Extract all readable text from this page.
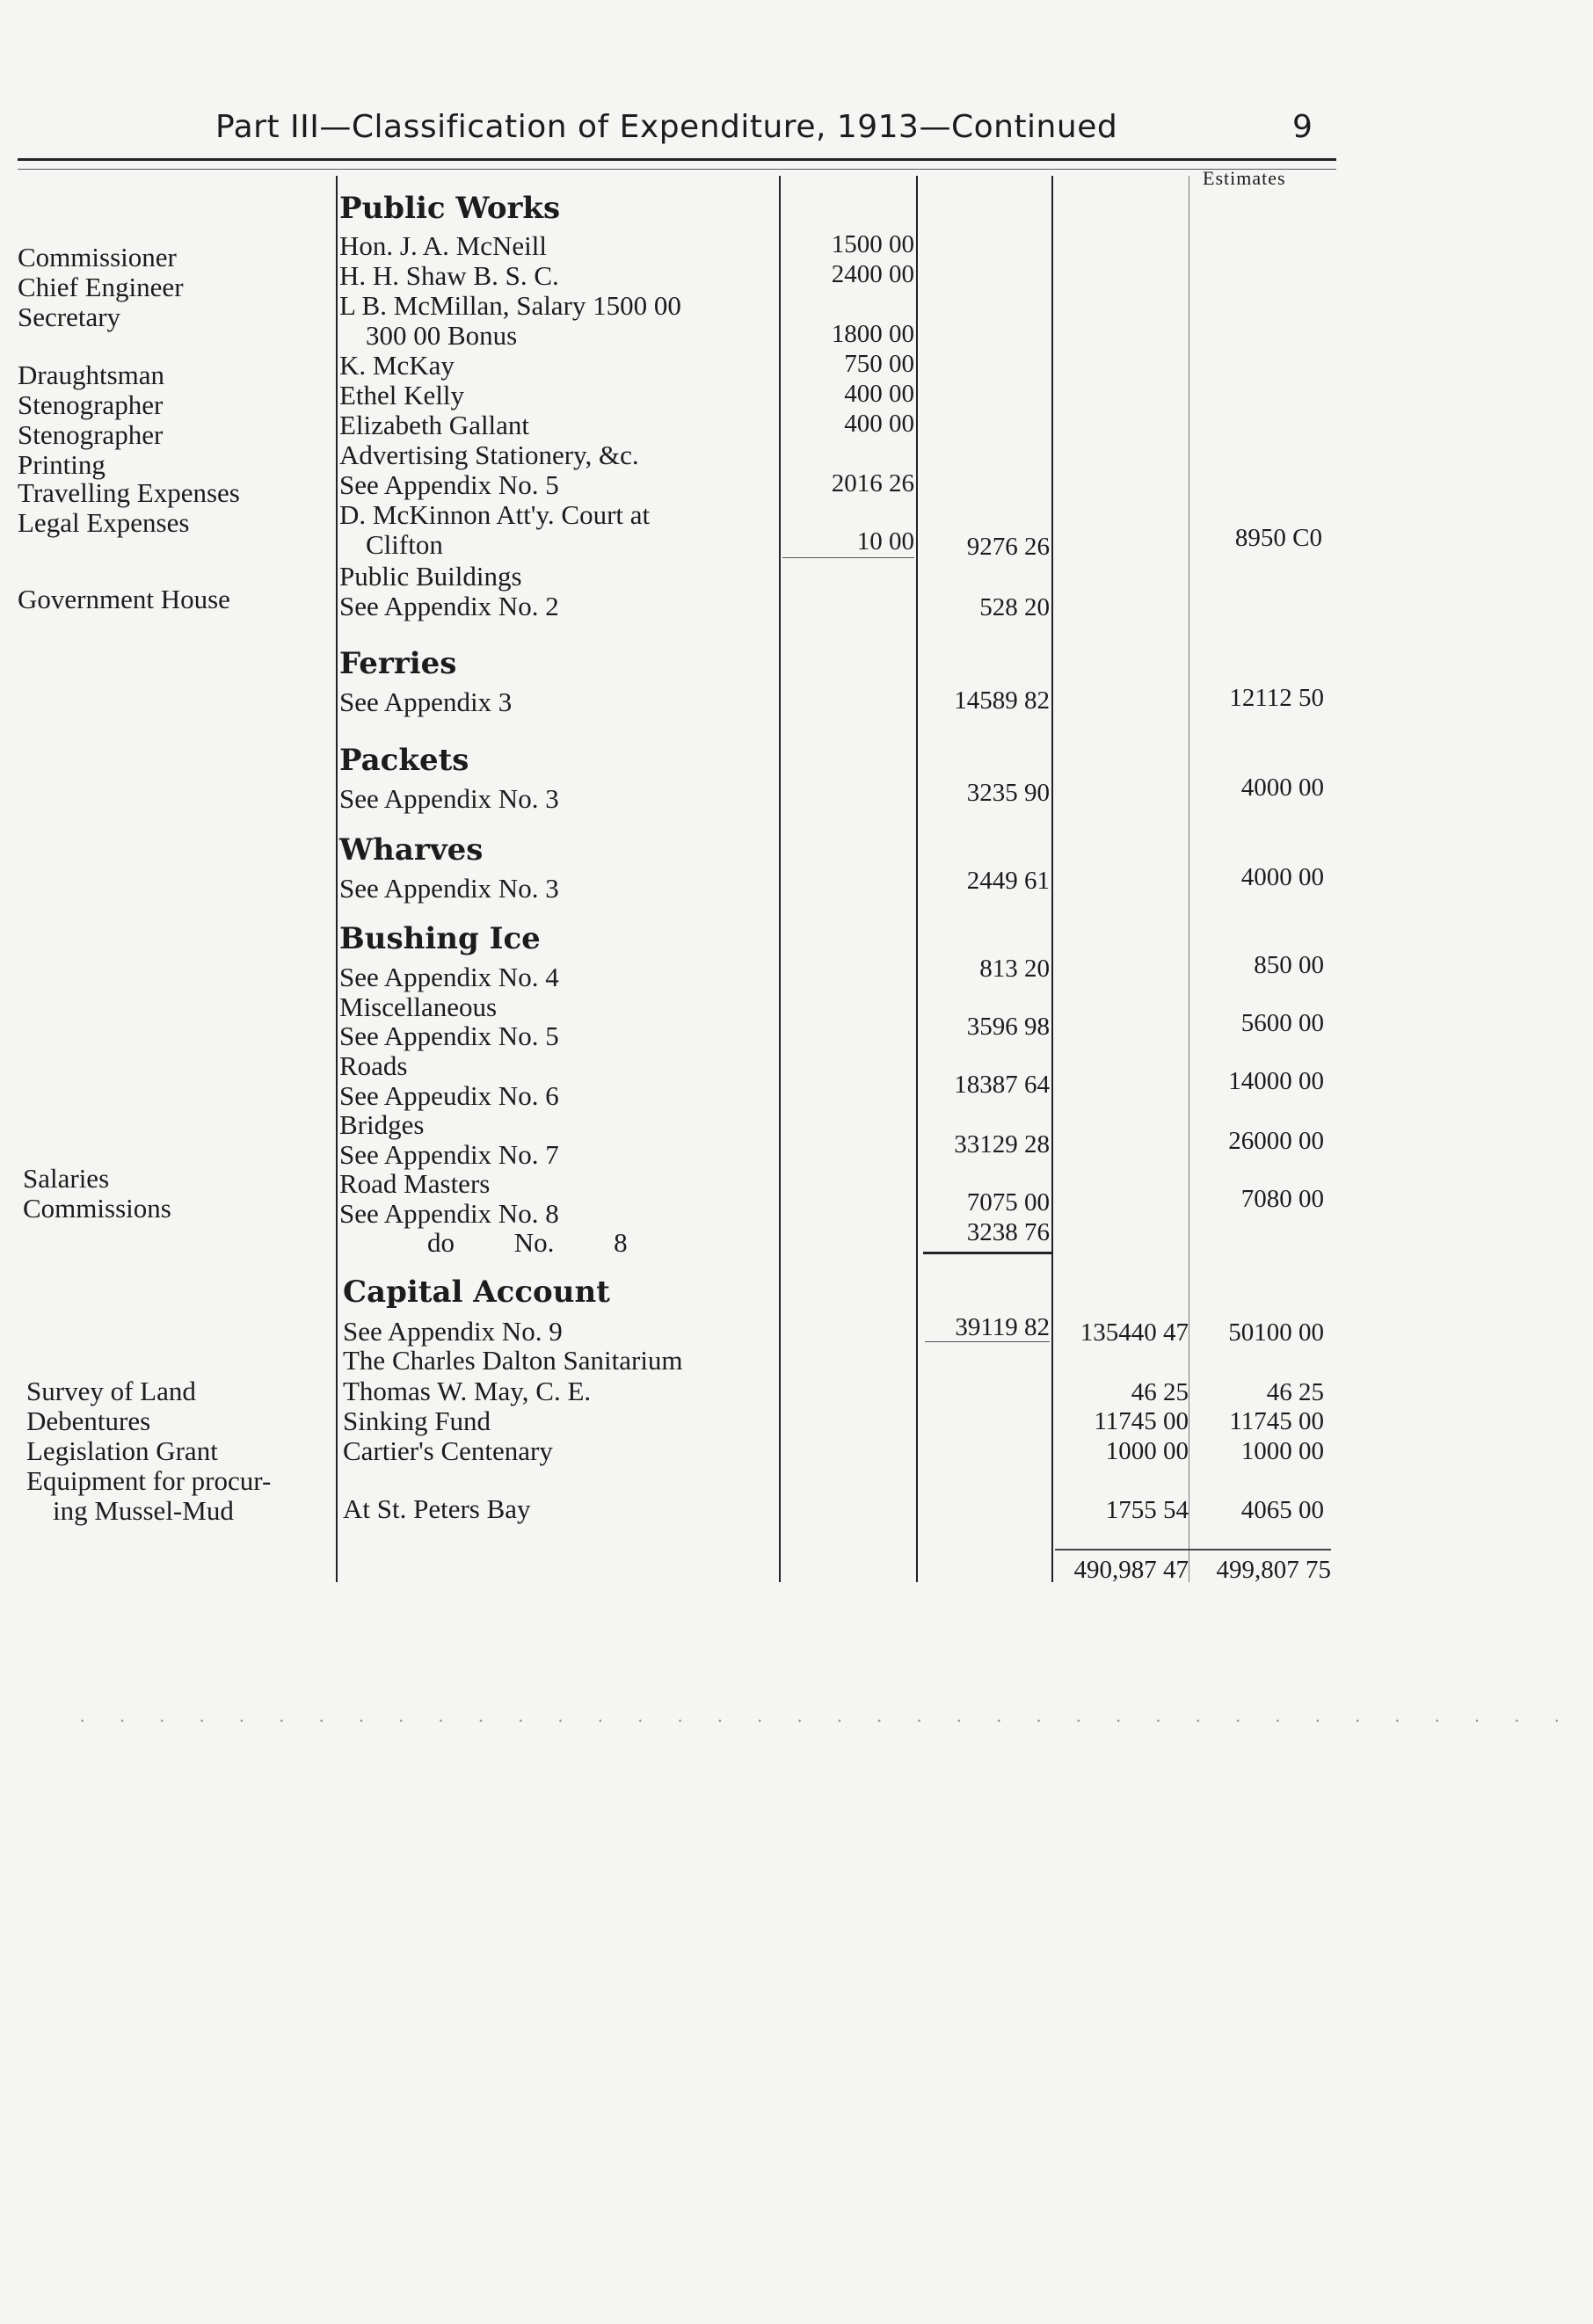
Part III—Classification of Expenditure, 1913—Continued	9
Estimates
Commissioner
Chief Engineer
Secretary
Draughtsman
Stenographer
Stenographer
Printing
Travelling Expenses
Legal Expenses
Government House
Salaries
Commissions
Survey of Land
Debentures
Legislation Grant
Equipment for procur-
ing Mussel-Mud
Public Works
Ferries
Packets
Wharves
Bushing Ice
Capital Account
Hon. J. A. McNeill
H. H. Shaw B. S. C.
L B. McMillan, Salary 1500 00
300 00 Bonus
K. McKay
Ethel Kelly
Elizabeth Gallant
Advertising Stationery, &c.
See Appendix No. 5
D. McKinnon Att'y. Court at
Clifton
Public Buildings
See Appendix No. 2
See Appendix 3
See Appendix No. 3
See Appendix No. 3
See Appendix No. 4
Miscellaneous
See Appendix No. 5
Roads
See Appeudix No. 6
Bridges
See Appendix No. 7
Road Masters
See Appendix No. 8
do No. 8
See Appendix No. 9
The Charles Dalton Sanitarium
Thomas W. May, C. E.
Sinking Fund
Cartier's Centenary
At St. Peters Bay
1500 00
2400 00
1800 00
750 00
400 00
400 00
2016 26
10 00 9276 26
528 20
14589 82
3235 90
2449 61
813 20
3596 98
18387 64
33129 28
7075 00
3238 76
39119 82 135440 47
46 25
11745 00
1000 00
1755 54
490,987 47
8950 C0
12112 50
4000 00
4000 00
850 00
5600 00
14000 00
26000 00
7080 00
50100 00
46 25
11745 00
1000 00
4065 00
499,807 75
······································
